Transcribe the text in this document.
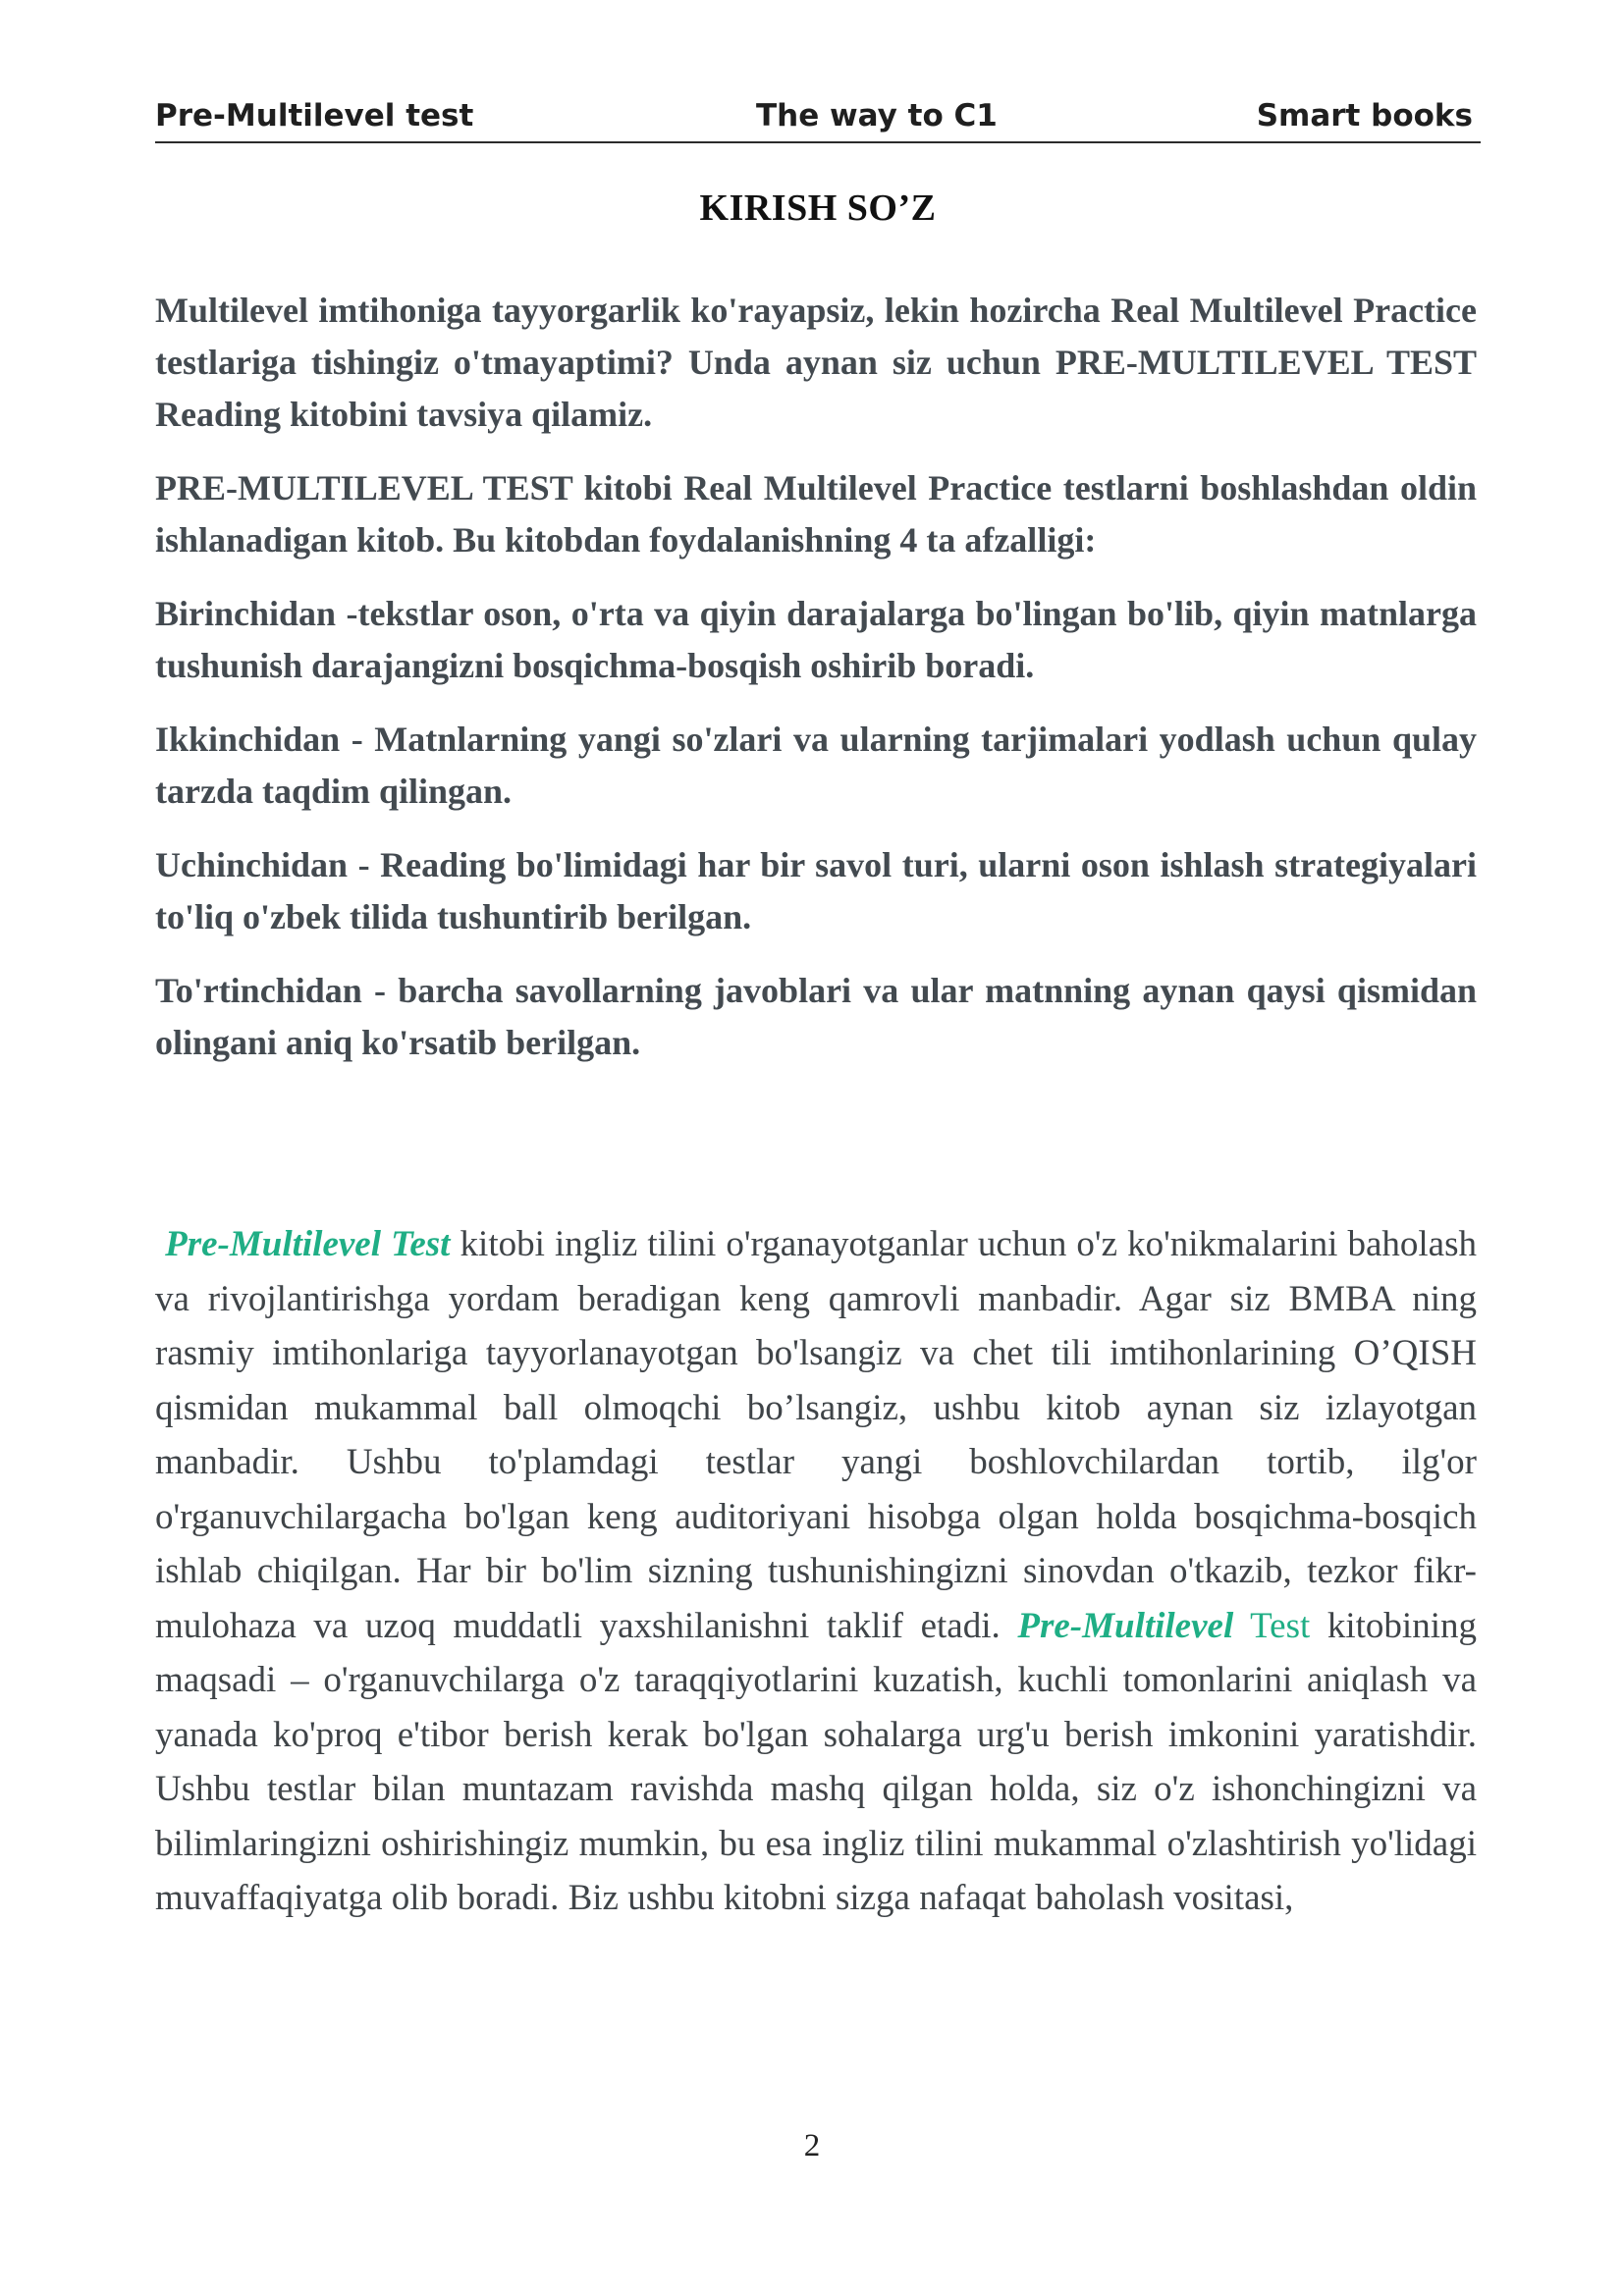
Pre-Multilevel test	The way to C1	Smart books
KIRISH SO’Z

Multilevel imtihoniga tayyorgarlik ko'rayapsiz, lekin hozircha Real Multilevel Practice testlariga tishingiz o'tmayaptimi? Unda aynan siz uchun PRE-MULTILEVEL TEST Reading kitobini tavsiya qilamiz.

PRE-MULTILEVEL TEST kitobi Real Multilevel Practice testlarni boshlashdan oldin ishlanadigan kitob. Bu kitobdan foydalanishning 4 ta afzalligi:

Birinchidan -tekstlar oson, o'rta va qiyin darajalarga bo'lingan bo'lib, qiyin matnlarga tushunish darajangizni bosqichma-bosqish oshirib boradi.

Ikkinchidan - Matnlarning yangi so'zlari va ularning tarjimalari yodlash uchun qulay tarzda taqdim qilingan.

Uchinchidan - Reading bo'limidagi har bir savol turi, ularni oson ishlash strategiyalari to'liq o'zbek tilida tushuntirib berilgan.

To'rtinchidan - barcha savollarning javoblari va ular matnning aynan qaysi qismidan olingani aniq ko'rsatib berilgan.

Pre-Multilevel Test kitobi ingliz tilini o'rganayotganlar uchun o'z ko'nikmalarini baholash va rivojlantirishga yordam beradigan keng qamrovli manbadir. Agar siz BMBA ning rasmiy imtihonlariga tayyorlanayotgan bo'lsangiz va chet tili imtihonlarining O’QISH qismidan mukammal ball olmoqchi bo’lsangiz, ushbu kitob aynan siz izlayotgan manbadir. Ushbu to'plamdagi testlar yangi boshlovchilardan tortib, ilg'or o'rganuvchilargacha bo'lgan keng auditoriyani hisobga olgan holda bosqichma-bosqich ishlab chiqilgan. Har bir bo'lim sizning tushunishingizni sinovdan o'tkazib, tezkor fikr-mulohaza va uzoq muddatli yaxshilanishni taklif etadi. Pre-Multilevel Test kitobining maqsadi – o'rganuvchilarga o'z taraqqiyotlarini kuzatish, kuchli tomonlarini aniqlash va yanada ko'proq e'tibor berish kerak bo'lgan sohalarga urg'u berish imkonini yaratishdir. Ushbu testlar bilan muntazam ravishda mashq qilgan holda, siz o'z ishonchingizni va bilimlaringizni oshirishingiz mumkin, bu esa ingliz tilini mukammal o'zlashtirish yo'lidagi muvaffaqiyatga olib boradi. Biz ushbu kitobni sizga nafaqat baholash vositasi,

2
